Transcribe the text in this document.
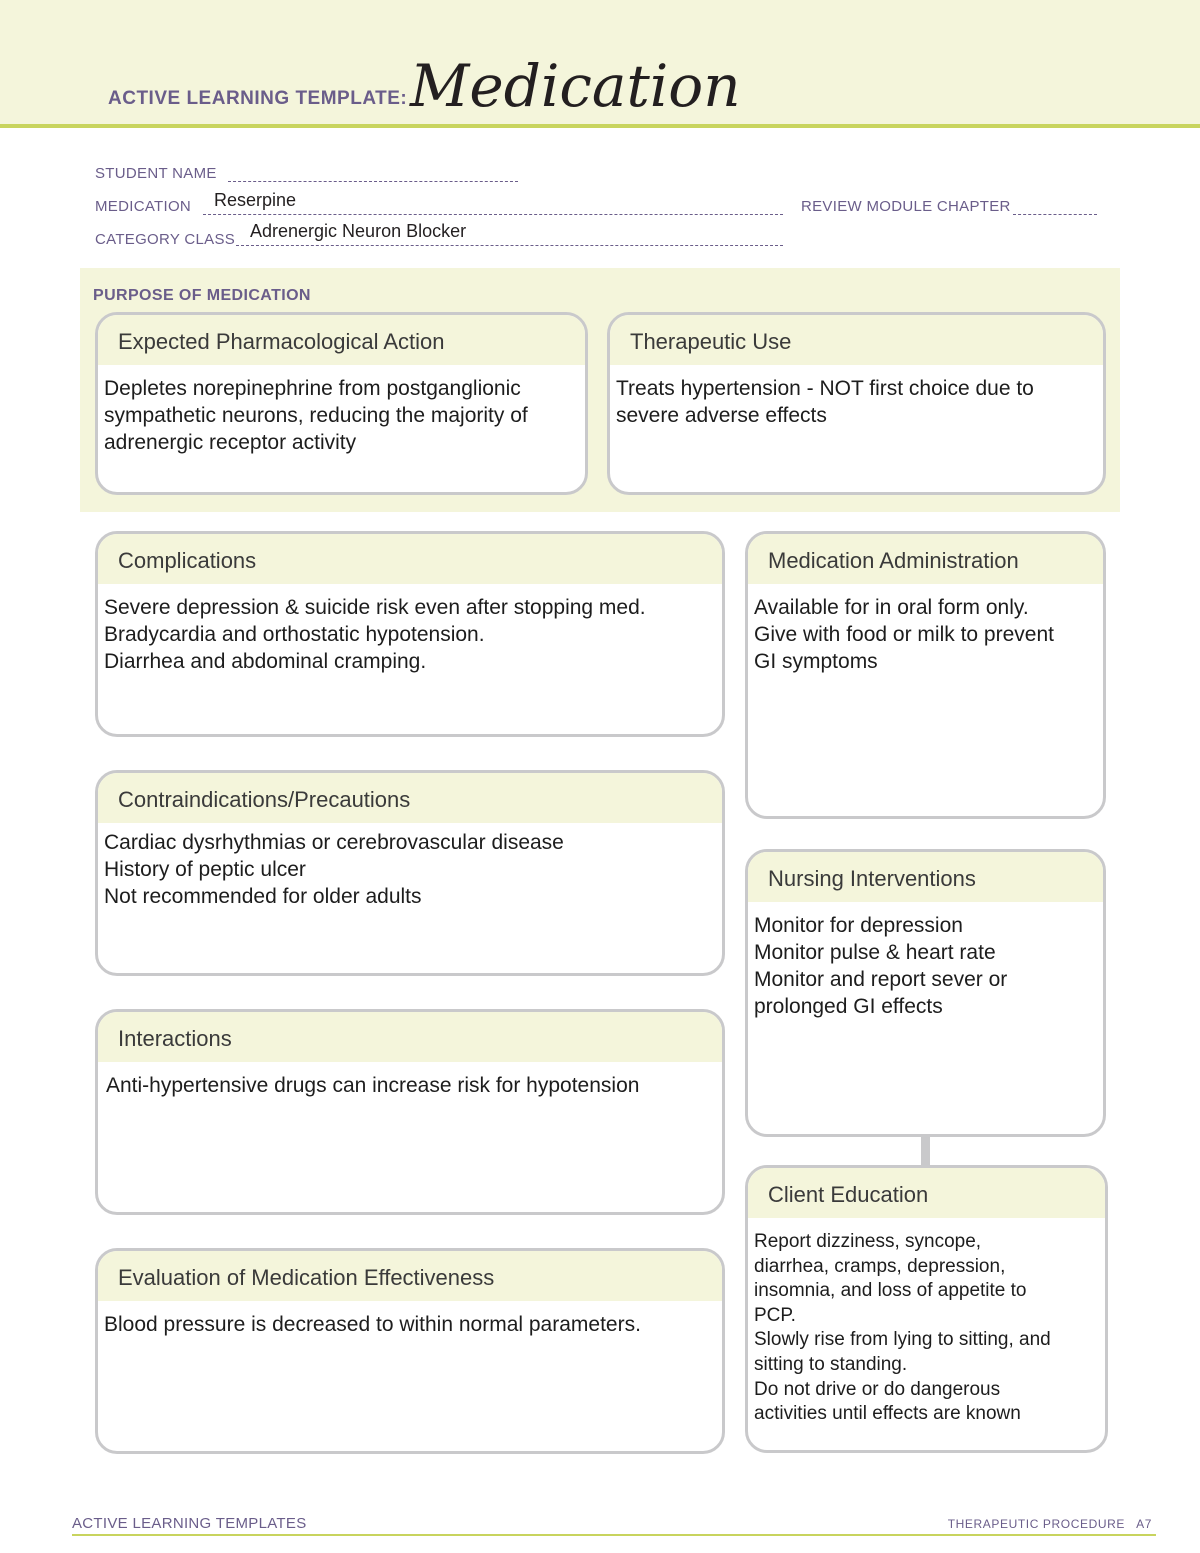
ACTIVE LEARNING TEMPLATE: Medication
STUDENT NAME
MEDICATION Reserpine	REVIEW MODULE CHAPTER
CATEGORY CLASS Adrenergic Neuron Blocker
PURPOSE OF MEDICATION
Expected Pharmacological Action
Depletes norepinephrine from postganglionic
sympathetic neurons, reducing the majority of
adrenergic receptor activity
Therapeutic Use
Treats hypertension - NOT first choice due to
severe adverse effects
Complications
Severe depression & suicide risk even after stopping med.
Bradycardia and orthostatic hypotension.
Diarrhea and abdominal cramping.
Medication Administration
Available for in oral form only.
Give with food or milk to prevent
GI symptoms
Contraindications/Precautions
Cardiac dysrhythmias or cerebrovascular disease
History of peptic ulcer
Not recommended for older adults
Nursing Interventions
Monitor for depression
Monitor pulse & heart rate
Monitor and report sever or
prolonged GI effects
Interactions
Anti-hypertensive drugs can increase risk for hypotension
Client Education
Report dizziness, syncope,
diarrhea, cramps, depression,
insomnia, and loss of appetite to
PCP.
Slowly rise from lying to sitting, and
sitting to standing.
Do not drive or do dangerous
activities until effects are known
Evaluation of Medication Effectiveness
Blood pressure is decreased to within normal parameters.
ACTIVE LEARNING TEMPLATES	THERAPEUTIC PROCEDURE   A7
